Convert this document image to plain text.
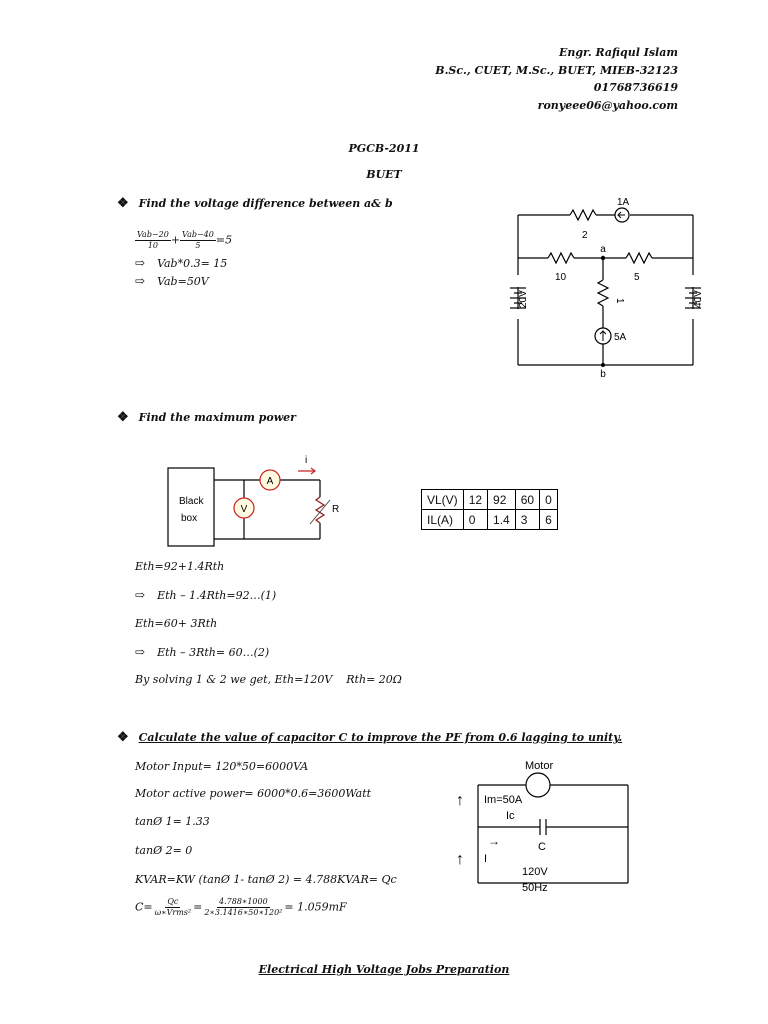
Engr. Rafiqul Islam
B.Sc., CUET, M.Sc., BUET, MIEB-32123
01768736619
ronyeee06@yahoo.com
PGCB-2011
BUET
❖ Find the voltage difference between a& b
$\frac{\text{Vab−20}}{10} + \frac{\text{Vab−40}}{5} =5$
⇨ Vab*0.3= 15
⇨ Vab=50V
2
1A
10	5
1
5A
a
b
20V	40V
❖ Find the maximum power
A
V
i
R
Black
box
VL(V)	12	92	60	0
IL(A)	0	1.4	3	6
Eth=92+1.4Rth
⇨ Eth – 1.4Rth=92…(1)
Eth=60+ 3Rth
⇨ Eth – 3Rth= 60…(2)
By solving 1 & 2 we get, Eth=120V    Rth= 20Ω
❖ Calculate the value of capacitor C to improve the PF from 0.6 lagging to unity.
Motor Input= 120*50=6000VA
Motor active power= 6000*0.6=3600Watt
tanØ 1= 1.33
tanØ 2= 0
KVAR=KW (tanØ 1- tanØ 2) = 4.788KVAR= Qc
$C= \frac{Qc}{\text{ω∗Vrms²}} = \frac{4.788∗1000}{\text{2∗3.1416∗50∗120²}} = 1.059mF$
Motor
Im=50A
Ic
→	C
I
120V
50Hz
↑
↑
Electrical High Voltage Jobs Preparation
